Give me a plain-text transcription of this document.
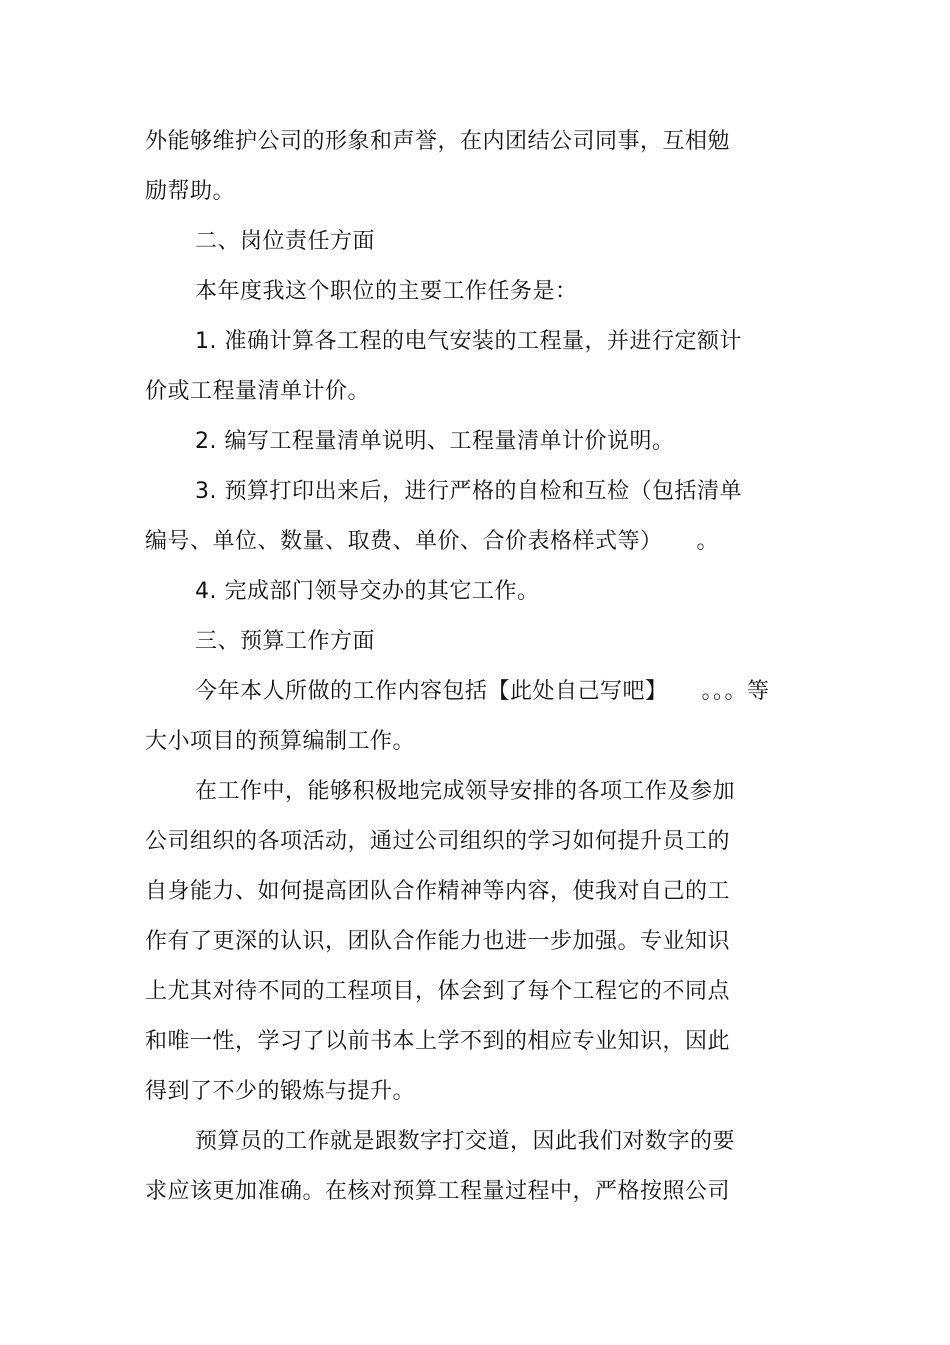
外能够维护公司的形象和声誉，在内团结公司同事，互相勉
励帮助。
二、岗位责任方面
本年度我这个职位的主要工作任务是：
1. 准确计算各工程的电气安装的工程量，并进行定额计
价或工程量清单计价。
2. 编写工程量清单说明、工程量清单计价说明。
3. 预算打印出来后，进行严格的自检和互检（包括清单
编号、单位、数量、取费、单价、合价表格样式等）　　。
4. 完成部门领导交办的其它工作。
三、预算工作方面
今年本人所做的工作内容包括【此处自己写吧】　　。。。等
大小项目的预算编制工作。
在工作中，能够积极地完成领导安排的各项工作及参加
公司组织的各项活动，通过公司组织的学习如何提升员工的
自身能力、如何提高团队合作精神等内容，使我对自己的工
作有了更深的认识，团队合作能力也进一步加强。专业知识
上尤其对待不同的工程项目，体会到了每个工程它的不同点
和唯一性，学习了以前书本上学不到的相应专业知识，因此
得到了不少的锻炼与提升。
预算员的工作就是跟数字打交道，因此我们对数字的要
求应该更加准确。在核对预算工程量过程中，严格按照公司
